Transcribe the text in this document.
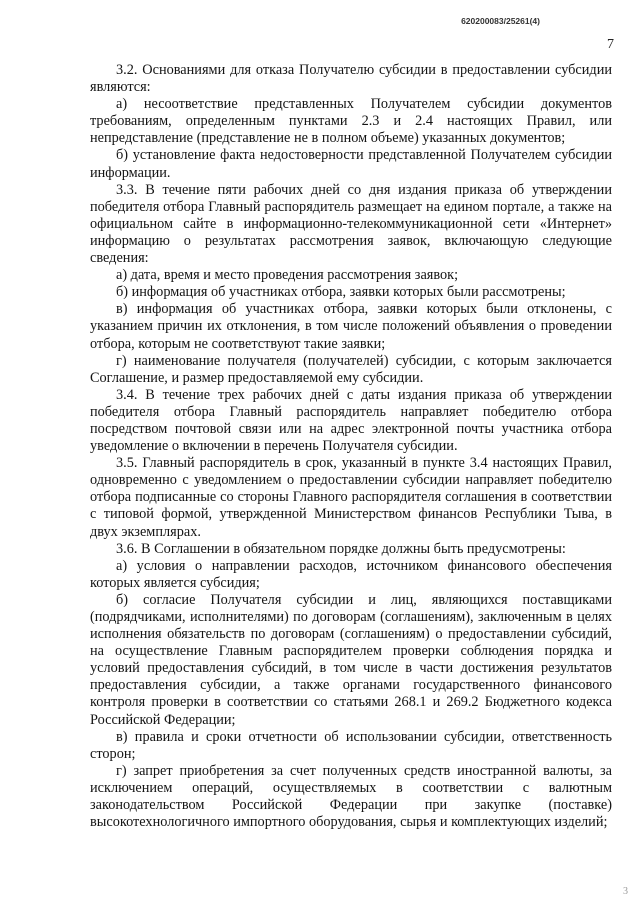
620200083/25261(4)
7

3.2. Основаниями для отказа Получателю субсидии в предоставлении субсидии являются:

а) несоответствие представленных Получателем субсидии документов требованиям, определенным пунктами 2.3 и 2.4 настоящих Правил, или непредставление (представление не в полном объеме) указанных документов;

б) установление факта недостоверности представленной Получателем субсидии информации.

3.3. В течение пяти рабочих дней со дня издания приказа об утверждении победителя отбора Главный распорядитель размещает на едином портале, а также на официальном сайте в информационно-телекоммуникационной сети «Интернет» информацию о результатах рассмотрения заявок, включающую следующие сведения:

а) дата, время и место проведения рассмотрения заявок;

б) информация об участниках отбора, заявки которых были рассмотрены;

в) информация об участниках отбора, заявки которых были отклонены, с указанием причин их отклонения, в том числе положений объявления о проведении отбора, которым не соответствуют такие заявки;

г) наименование получателя (получателей) субсидии, с которым заключается Соглашение, и размер предоставляемой ему субсидии.

3.4. В течение трех рабочих дней с даты издания приказа об утверждении победителя отбора Главный распорядитель направляет победителю отбора посредством почтовой связи или на адрес электронной почты участника отбора уведомление о включении в перечень Получателя субсидии.

3.5. Главный распорядитель в срок, указанный в пункте 3.4 настоящих Правил, одновременно с уведомлением о предоставлении субсидии направляет победителю отбора подписанные со стороны Главного распорядителя соглашения в соответствии с типовой формой, утвержденной Министерством финансов Республики Тыва, в двух экземплярах.

3.6. В Соглашении в обязательном порядке должны быть предусмотрены:

а) условия о направлении расходов, источником финансового обеспечения которых является субсидия;

б) согласие Получателя субсидии и лиц, являющихся поставщиками (подрядчиками, исполнителями) по договорам (соглашениям), заключенным в целях исполнения обязательств по договорам (соглашениям) о предоставлении субсидий, на осуществление Главным распорядителем проверки соблюдения порядка и условий предоставления субсидий, в том числе в части достижения результатов предоставления субсидии, а также органами государственного финансового контроля проверки в соответствии со статьями 268.1 и 269.2 Бюджетного кодекса Российской Федерации;

в) правила и сроки отчетности об использовании субсидии, ответственность сторон;

г) запрет приобретения за счет полученных средств иностранной валюты, за исключением операций, осуществляемых в соответствии с валютным законодательством Российской Федерации при закупке (поставке) высокотехнологичного импортного оборудования, сырья и комплектующих изделий;

3
